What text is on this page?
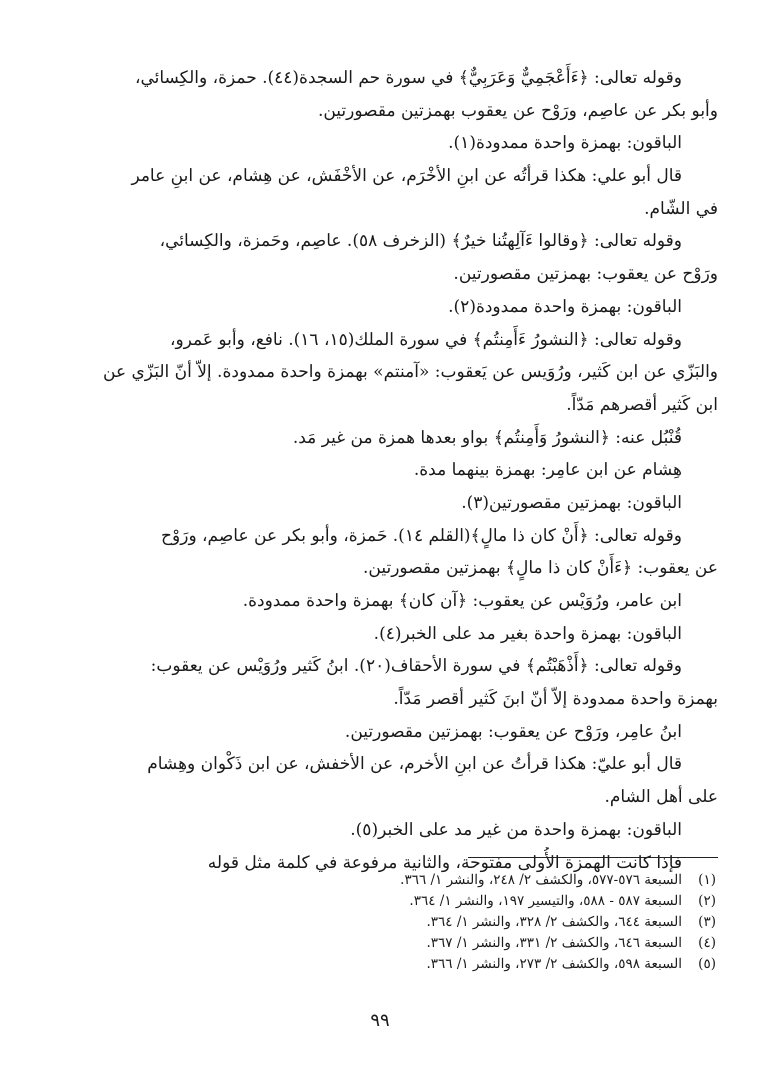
وقوله تعالى: ﴿ءَأَعْجَمِيٌّ وَعَرَبِيٌّ﴾ في سورة حم السجدة(٤٤). حمزة، والكِسائي،
وأبو بكر عن عاصِم، ورَوْح عن يعقوب بهمزتين مقصورتين.
الباقون: بهمزة واحدة ممدودة(١).
قال أبو علي: هكذا قرأتُه عن ابنِ الأخْرَم، عن الأخْفَش، عن هِشام، عن ابنِ عامر
في الشّام.
وقوله تعالى: ﴿وقالوا ءَآلِهتُنا خيرٌ﴾ (الزخرف ٥٨). عاصِم، وحَمزة، والكِسائي،
ورَوْح عن يعقوب: بهمزتين مقصورتين.
الباقون: بهمزة واحدة ممدودة(٢).
وقوله تعالى: ﴿النشورُ ءَأَمِنتُم﴾ في سورة الملك(١٥، ١٦). نافع، وأبو عَمرو،
والبَزّي عن ابن كَثير، ورُوَيس عن يَعقوب: «آمنتم» بهمزة واحدة ممدودة. إلاّ أنّ البَزّي عن
ابن كَثير أقصرهم مَدّاً.
قُنْبُل عنه: ﴿النشورُ وَأَمِنتُم﴾ بواو بعدها همزة من غير مَد.
هِشام عن ابن عامِر: بهمزة بينهما مدة.
الباقون: بهمزتين مقصورتين(٣).
وقوله تعالى: ﴿أَنْ كان ذا مالٍ﴾(القلم ١٤). حَمزة، وأبو بكر عن عاصِم، ورَوْح
عن يعقوب: ﴿ءَأَنْ كان ذا مالٍ﴾ بهمزتين مقصورتين.
ابن عامر، ورُوَيْس عن يعقوب: ﴿آن كان﴾ بهمزة واحدة ممدودة.
الباقون: بهمزة واحدة بغير مد على الخبر(٤).
وقوله تعالى: ﴿أَذْهَبْتُم﴾ في سورة الأحقاف(٢٠). ابنُ كَثير ورُوَيْس عن يعقوب:
بهمزة واحدة ممدودة إلاّ أنّ ابنَ كَثير أقصر مَدّاً.
ابنُ عامِر، ورَوْح عن يعقوب: بهمزتين مقصورتين.
قال أبو عليّ: هكذا قرأتُ عن ابنِ الأخرم، عن الأخفش، عن ابن ذَكْوان وهِشام
على أهل الشام.
الباقون: بهمزة واحدة من غير مد على الخبر(٥).
فإذا كانت الهمزة الأُولى مفتوحة، والثانية مرفوعة في كلمة مثل قوله
(١)السبعة ٥٧٦-٥٧٧، والكشف ٢/ ٢٤٨، والنشر ١/ ٣٦٦.
(٢)السبعة ٥٨٧ - ٥٨٨، والتيسير ١٩٧، والنشر ١/ ٣٦٤.
(٣)السبعة ٦٤٤، والكشف ٢/ ٣٢٨، والنشر ١/ ٣٦٤.
(٤)السبعة ٦٤٦، والكشف ٢/ ٣٣١، والنشر ١/ ٣٦٧.
(٥)السبعة ٥٩٨، والكشف ٢/ ٢٧٣، والنشر ١/ ٣٦٦.
٩٩
